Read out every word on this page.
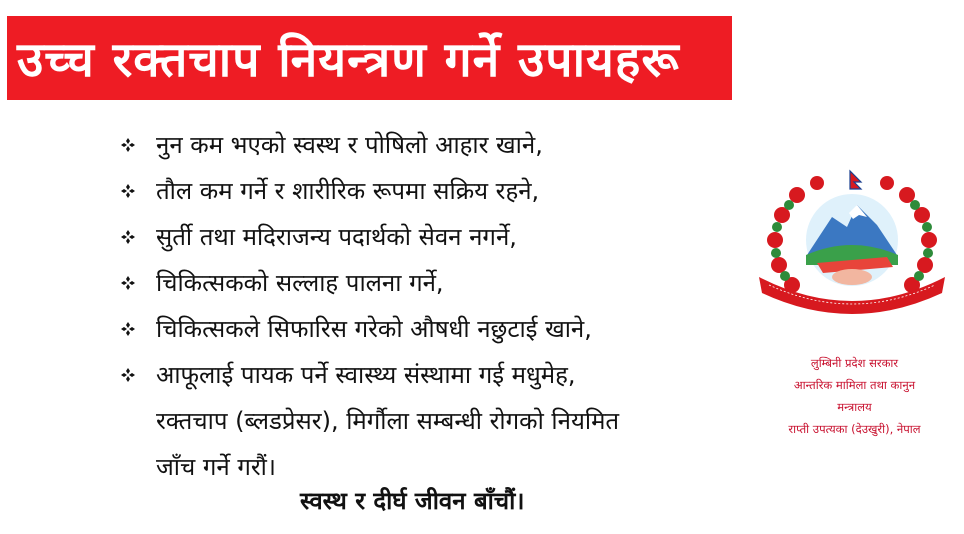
उच्च रक्तचाप नियन्त्रण गर्ने उपायहरू
नुन कम भएको स्वस्थ र पोषिलो आहार खाने,
तौल कम गर्ने र शारीरिक रूपमा सक्रिय रहने,
सुर्ती तथा मदिराजन्य पदार्थको सेवन नगर्ने,
चिकित्सकको सल्लाह पालना गर्ने,
चिकित्सकले सिफारिस गरेको औषधी नछुटाई खाने,
आफूलाई पायक पर्ने स्वास्थ्य संस्थामा गई मधुमेह,
रक्तचाप (ब्लडप्रेसर), मिर्गौला सम्बन्धी रोगको नियमित
जाँच गर्ने गरौं।
स्वस्थ र दीर्घ जीवन बाँचौं।
लुम्बिनी प्रदेश सरकार
आन्तरिक मामिला तथा कानुन
मन्त्रालय
राप्ती उपत्यका (देउखुरी), नेपाल
